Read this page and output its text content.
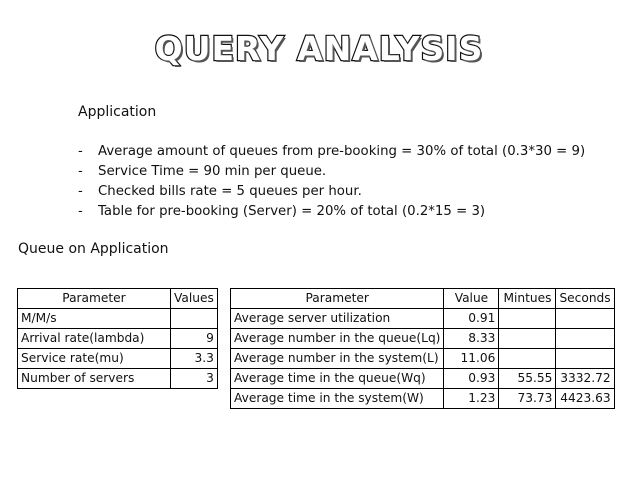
QUERY ANALYSIS
Application
-	Average amount of queues from pre-booking = 30% of total (0.3*30 = 9)
-	Service Time = 90 min per queue.
-	Checked bills rate = 5 queues per hour.
-	Table for pre-booking (Server) = 20% of total (0.2*15 = 3)
Queue on Application
Parameter	Values
M/M/s	
Arrival rate(lambda)	9
Service rate(mu)	3.3
Number of servers	3
Parameter	Value	Mintues	Seconds
Average server utilization	0.91		
Average number in the queue(Lq)	8.33		
Average number in the system(L)	11.06		
Average time in the queue(Wq)	0.93	55.55	3332.72
Average time in the system(W)	1.23	73.73	4423.63
